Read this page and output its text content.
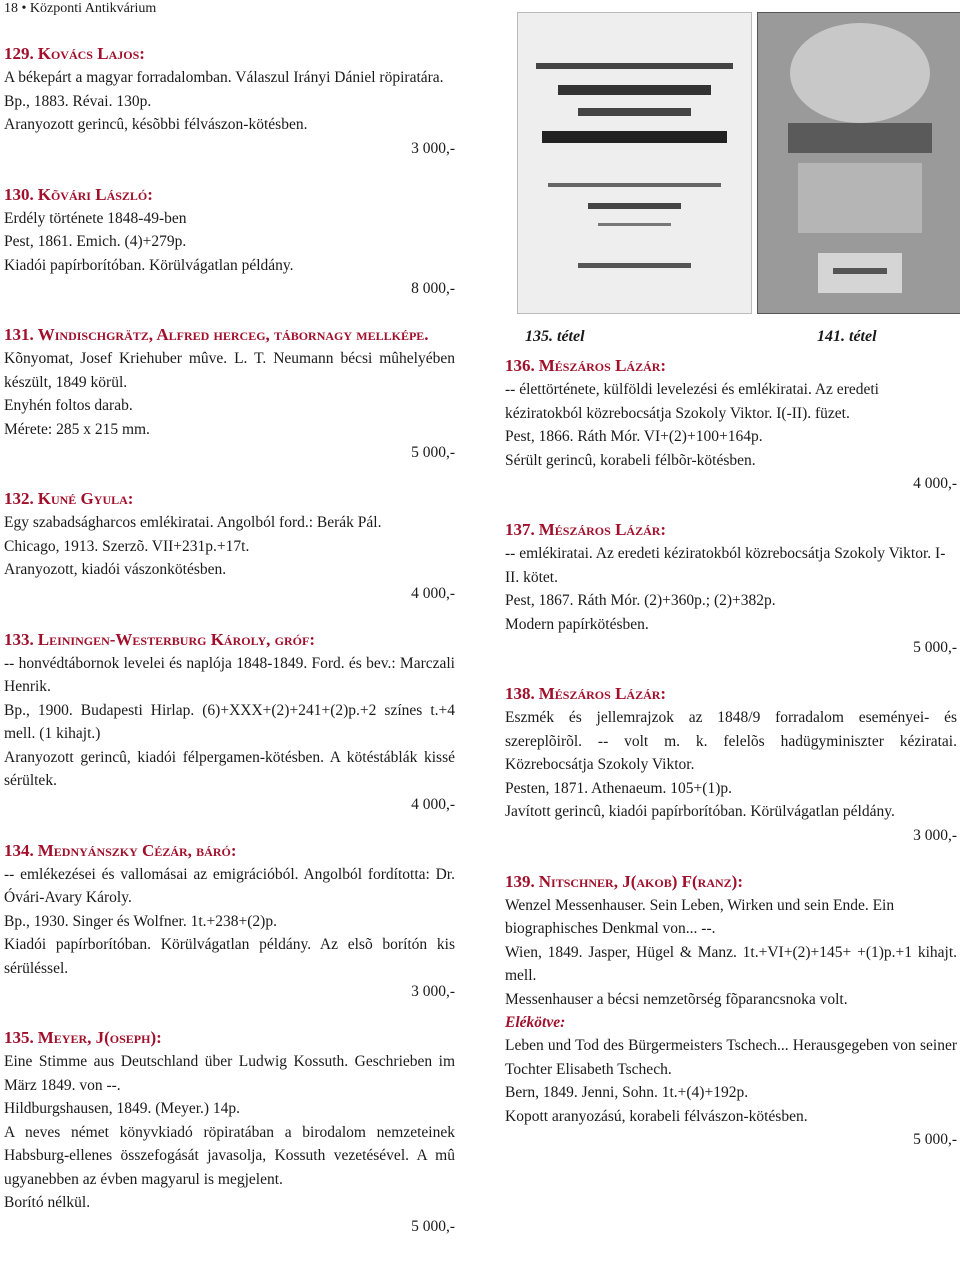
18 • Központi Antikvárium
129. Kovács Lajos:
A békepárt a magyar forradalomban. Válaszul Irányi Dániel röpiratára.
Bp., 1883. Révai. 130p.
Aranyozott gerincû, késõbbi félvászon-kötésben.
3 000,-
130. Kõvári László:
Erdély története 1848-49-ben
Pest, 1861. Emich. (4)+279p.
Kiadói papírborítóban. Körülvágatlan példány.
8 000,-
131. Windischgrätz, Alfred herceg, tábornagy mellképe.
Kõnyomat, Josef Kriehuber mûve. L. T. Neumann bécsi mûhelyében készült, 1849 körül.
Enyhén foltos darab.
Mérete: 285 x 215 mm.
5 000,-
132. Kuné Gyula:
Egy szabadságharcos emlékiratai. Angolból ford.: Berák Pál.
Chicago, 1913. Szerzõ. VII+231p.+17t.
Aranyozott, kiadói vászonkötésben.
4 000,-
133. Leiningen-Westerburg Károly, gróf:
-- honvédtábornok levelei és naplója 1848-1849. Ford. és bev.: Marczali Henrik.
Bp., 1900. Budapesti Hirlap. (6)+XXX+(2)+241+(2)p.+2 színes t.+4 mell. (1 kihajt.)
Aranyozott gerincû, kiadói félpergamen-kötésben. A kötéstáblák kissé sérültek.
4 000,-
134. Mednyánszky Cézár, báró:
-- emlékezései és vallomásai az emigrációból. Angolból fordította: Dr. Óvári-Avary Károly.
Bp., 1930. Singer és Wolfner. 1t.+238+(2)p.
Kiadói papírborítóban. Körülvágatlan példány. Az elsõ borítón kis sérüléssel.
3 000,-
135. Meyer, J(oseph):
Eine Stimme aus Deutschland über Ludwig Kossuth. Geschrieben im März 1849. von --.
Hildburgshausen, 1849. (Meyer.) 14p.
A neves német könyvkiadó röpiratában a birodalom nemzeteinek Habsburg-ellenes összefogását javasolja, Kossuth vezetésével. A mû ugyanebben az évben magyarul is megjelent.
Borító nélkül.
5 000,-
135. tétel	141. tétel
136. Mészáros Lázár:
-- élettörténete, külföldi levelezési és emlékiratai. Az eredeti kéziratokból közrebocsátja Szokoly Viktor. I(-II). füzet.
Pest, 1866. Ráth Mór. VI+(2)+100+164p.
Sérült gerincû, korabeli félbõr-kötésben.
4 000,-
137. Mészáros Lázár:
-- emlékiratai. Az eredeti kéziratokból közrebocsátja Szokoly Viktor. I-II. kötet.
Pest, 1867. Ráth Mór. (2)+360p.; (2)+382p.
Modern papírkötésben.
5 000,-
138. Mészáros Lázár:
Eszmék és jellemrajzok az 1848/9 forradalom eseményei- és szereplõirõl. -- volt m. k. felelõs hadügyminiszter kéziratai. Közrebocsátja Szokoly Viktor.
Pesten, 1871. Athenaeum. 105+(1)p.
Javított gerincû, kiadói papírborítóban. Körülvágatlan példány.
3 000,-
139. Nitschner, J(akob) F(ranz):
Wenzel Messenhauser. Sein Leben, Wirken und sein Ende. Ein biographisches Denkmal von... --.
Wien, 1849. Jasper, Hügel & Manz. 1t.+VI+(2)+145+ +(1)p.+1 kihajt. mell.
Messenhauser a bécsi nemzetõrség fõparancsnoka volt.
Elékötve:
Leben und Tod des Bürgermeisters Tschech... Herausgegeben von seiner Tochter Elisabeth Tschech.
Bern, 1849. Jenni, Sohn. 1t.+(4)+192p.
Kopott aranyozású, korabeli félvászon-kötésben.
5 000,-
